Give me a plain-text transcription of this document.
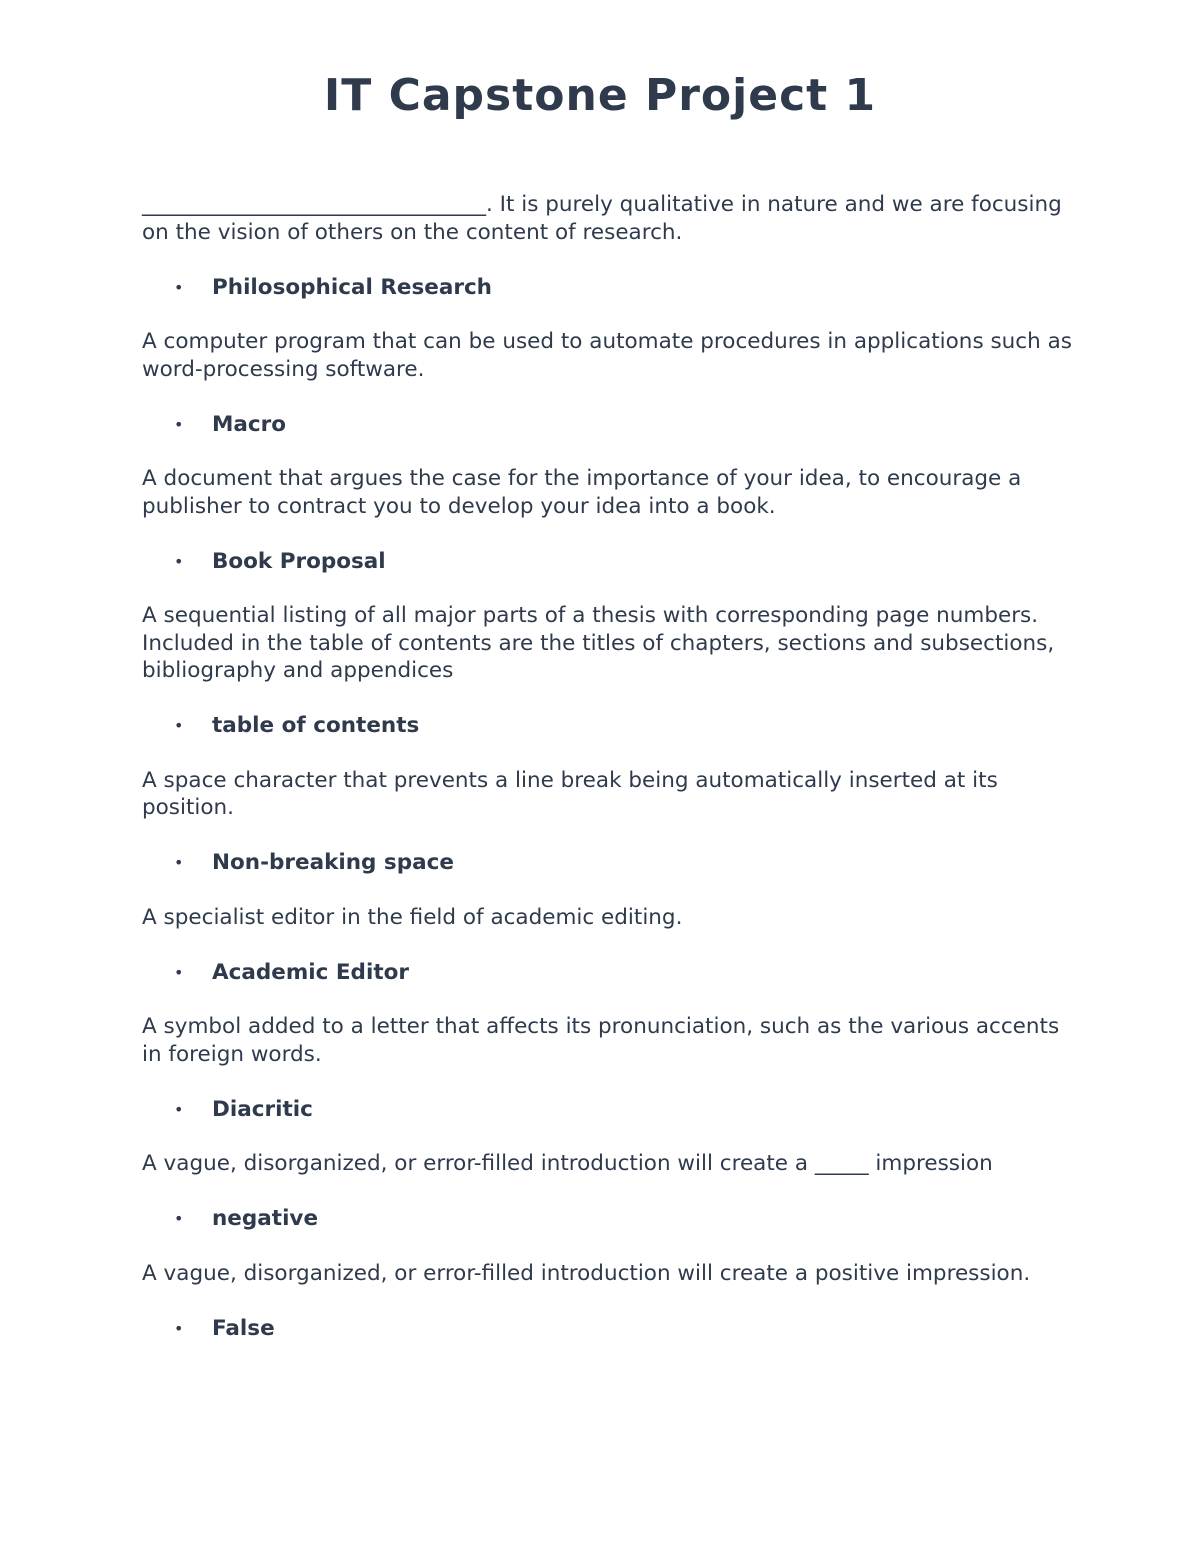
IT Capstone Project 1

________________________________. It is purely qualitative in nature and we are focusing on the vision of others on the content of research.

•	Philosophical Research

A computer program that can be used to automate procedures in applications such as word-processing software.

•	Macro

A document that argues the case for the importance of your idea, to encourage a publisher to contract you to develop your idea into a book.

•	Book Proposal

A sequential listing of all major parts of a thesis with corresponding page numbers. Included in the table of contents are the titles of chapters, sections and subsections, bibliography and appendices

•	table of contents

A space character that prevents a line break being automatically inserted at its position.

•	Non-breaking space

A specialist editor in the field of academic editing.

•	Academic Editor

A symbol added to a letter that affects its pronunciation, such as the various accents in foreign words.

•	Diacritic

A vague, disorganized, or error-filled introduction will create a _____ impression

•	negative

A vague, disorganized, or error-filled introduction will create a positive impression.

•	False
